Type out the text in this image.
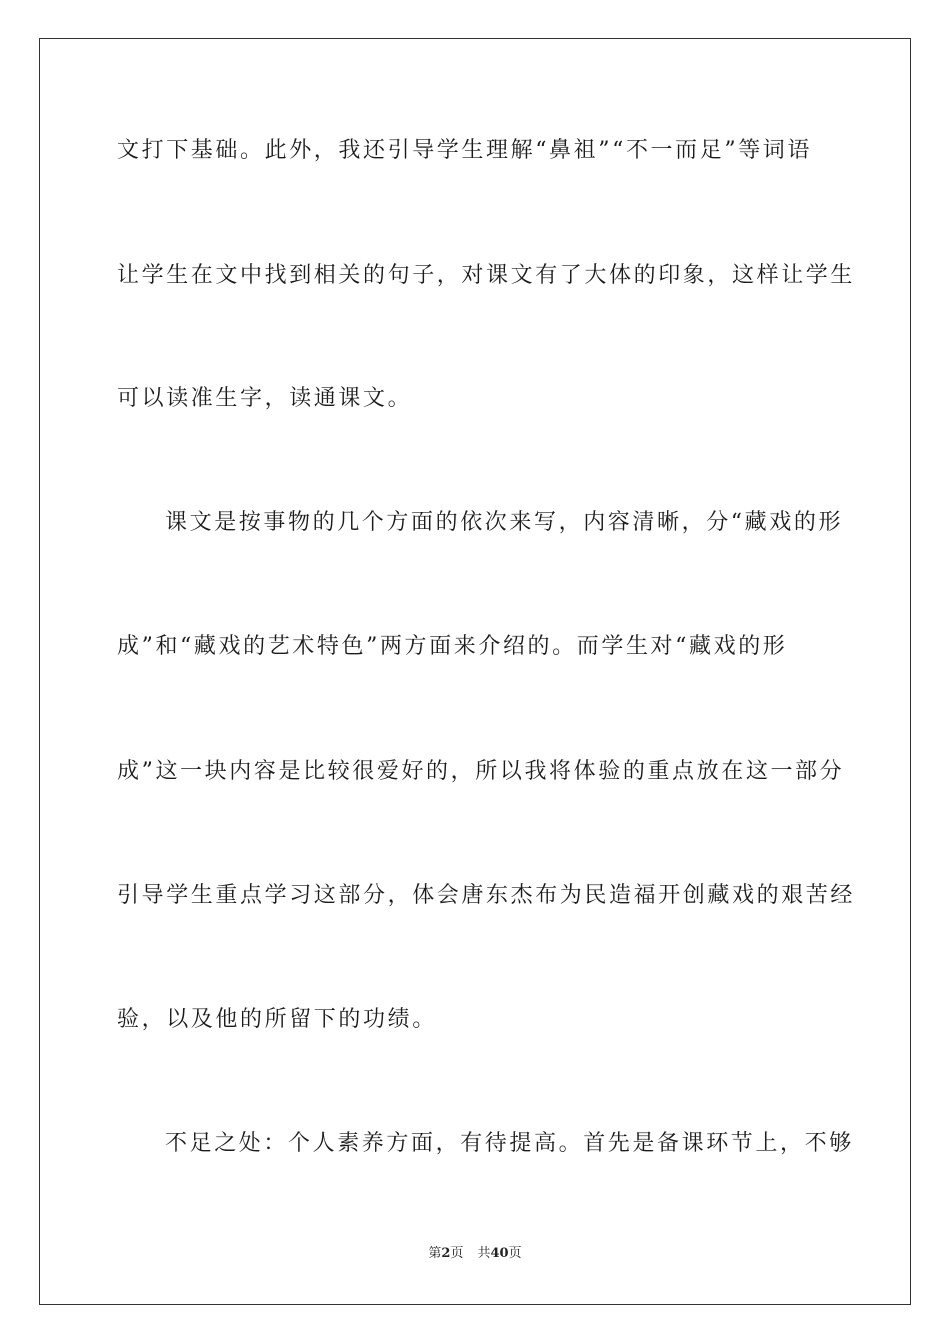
文打下基础。此外，我还引导学生理解“鼻祖”“不一而足”等词语
让学生在文中找到相关的句子，对课文有了大体的印象，这样让学生
可以读准生字，读通课文。
课文是按事物的几个方面的依次来写，内容清晰，分“藏戏的形
成”和“藏戏的艺术特色”两方面来介绍的。而学生对“藏戏的形
成”这一块内容是比较很爱好的，所以我将体验的重点放在这一部分
引导学生重点学习这部分，体会唐东杰布为民造福开创藏戏的艰苦经
验，以及他的所留下的功绩。
不足之处：个人素养方面，有待提高。首先是备课环节上，不够
第2页 共40页
